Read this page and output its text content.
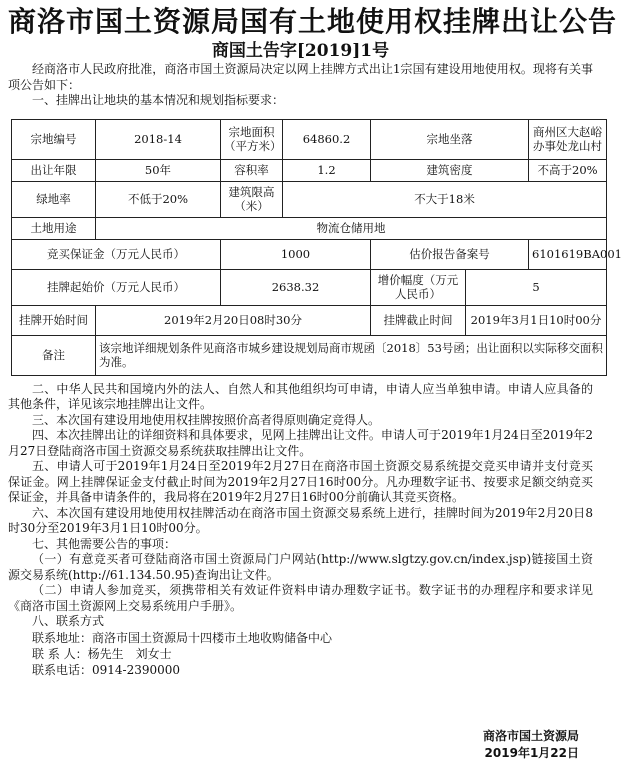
商洛市国土资源局国有土地使用权挂牌出让公告
商国土告字[2019]1号

经商洛市人民政府批准，商洛市国土资源局决定以网上挂牌方式出让1宗国有建设用地使用权。现将有关事项公告如下：

一、挂牌出让地块的基本情况和规划指标要求：

宗地编号	2018-14	宗地面积（平方米）	64860.2	宗地坐落		商州区大赵峪办事处龙山村
出让年限	50年	容积率	1.2	建筑密度		不高于20%
绿地率	不低于20%	建筑限高（米）	不大于18米			
土地用途	物流仓储用地					
竞买保证金（万元人民币）		1000		估价报告备案号		6101619BA001
挂牌起始价（万元人民币）		2638.32		增价幅度（万元人民币）	5	
挂牌开始时间	2019年2月20日08时30分			挂牌截止时间	2019年3月1日10时00分	
备注	该宗地详细规划条件见商洛市城乡建设规划局商市规函〔2018〕53号函；出让面积以实际移交面积为准。					

二、中华人民共和国境内外的法人、自然人和其他组织均可申请，申请人应当单独申请。申请人应具备的其他条件，详见该宗地挂牌出让文件。

三、本次国有建设用地使用权挂牌按照价高者得原则确定竞得人。

四、本次挂牌出让的详细资料和具体要求，见网上挂牌出让文件。申请人可于2019年1月24日至2019年2月27日登陆商洛市国土资源交易系统获取挂牌出让文件。

五、申请人可于2019年1月24日至2019年2月27日在商洛市国土资源交易系统提交竞买申请并支付竞买保证金。网上挂牌保证金支付截止时间为2019年2月27日16时00分。凡办理数字证书、按要求足额交纳竞买保证金，并具备申请条件的，我局将在2019年2月27日16时00分前确认其竞买资格。

六、本次国有建设用地使用权挂牌活动在商洛市国土资源交易系统上进行，挂牌时间为2019年2月20日8时30分至2019年3月1日10时00分。

七、其他需要公告的事项：

（一）有意竞买者可登陆商洛市国土资源局门户网站(http://www.slgtzy.gov.cn/index.jsp)链接国土资源交易系统(http://61.134.50.95)查询出让文件。

（二）申请人参加竞买，须携带相关有效证件资料申请办理数字证书。数字证书的办理程序和要求详见《商洛市国土资源网上交易系统用户手册》。

八、联系方式

联系地址：商洛市国土资源局十四楼市土地收购储备中心

联 系 人：杨先生　刘女士

联系电话：0914-2390000

商洛市国土资源局
2019年1月22日
